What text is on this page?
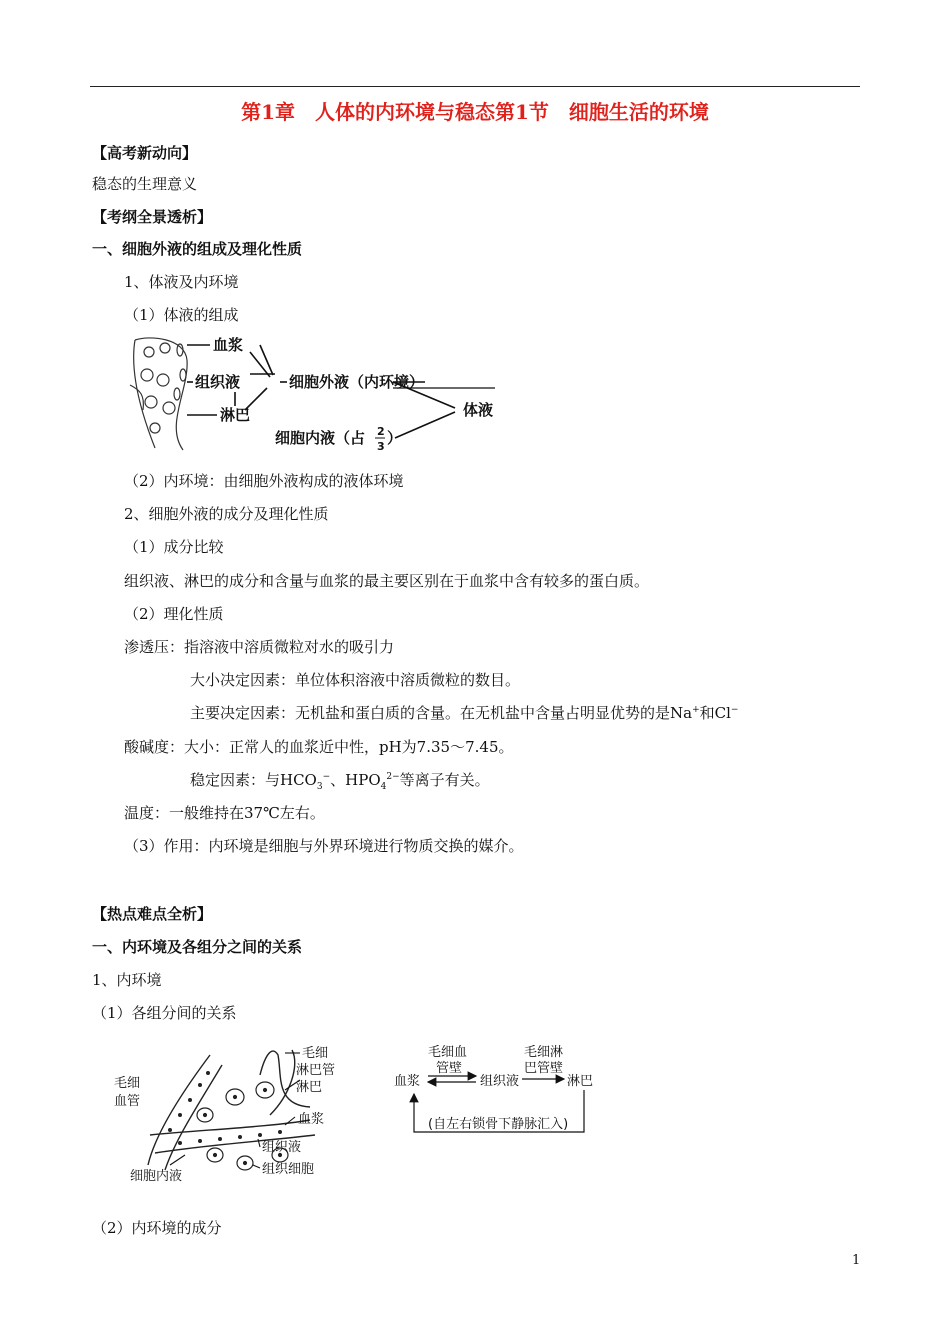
第1章　人体的内环境与稳态第1节　细胞生活的环境
【高考新动向】
稳态的生理意义
【考纲全景透析】
一、细胞外液的组成及理化性质
1、体液及内环境
（1）体液的组成
血浆
组织液
淋巴
细胞外液（内环境）
体液
细胞内液（占 2
3 ）
（2）内环境：由细胞外液构成的液体环境
2、细胞外液的成分及理化性质
（1）成分比较
组织液、淋巴的成分和含量与血浆的最主要区别在于血浆中含有较多的蛋白质。
（2）理化性质
渗透压：指溶液中溶质微粒对水的吸引力
大小决定因素：单位体积溶液中溶质微粒的数目。
主要决定因素：无机盐和蛋白质的含量。在无机盐中含量占明显优势的是Na+和Cl−
酸碱度：大小：正常人的血浆近中性，pH为7.35～7.45。
稳定因素：与$HCO_3^-$、$HPO_4^{2-}$等离子有关。
温度：一般维持在37℃左右。
（3）作用：内环境是细胞与外界环境进行物质交换的媒介。
【热点难点全析】
一、内环境及各组分之间的关系
1、内环境
（1）各组分间的关系
毛细
血管
毛细
淋巴管
淋巴
血浆
组织液
组织细胞
细胞内液
毛细血
管壁
毛细淋
巴管壁
血浆	组织液	淋巴
(自左右锁骨下静脉汇入)
（2）内环境的成分
1
